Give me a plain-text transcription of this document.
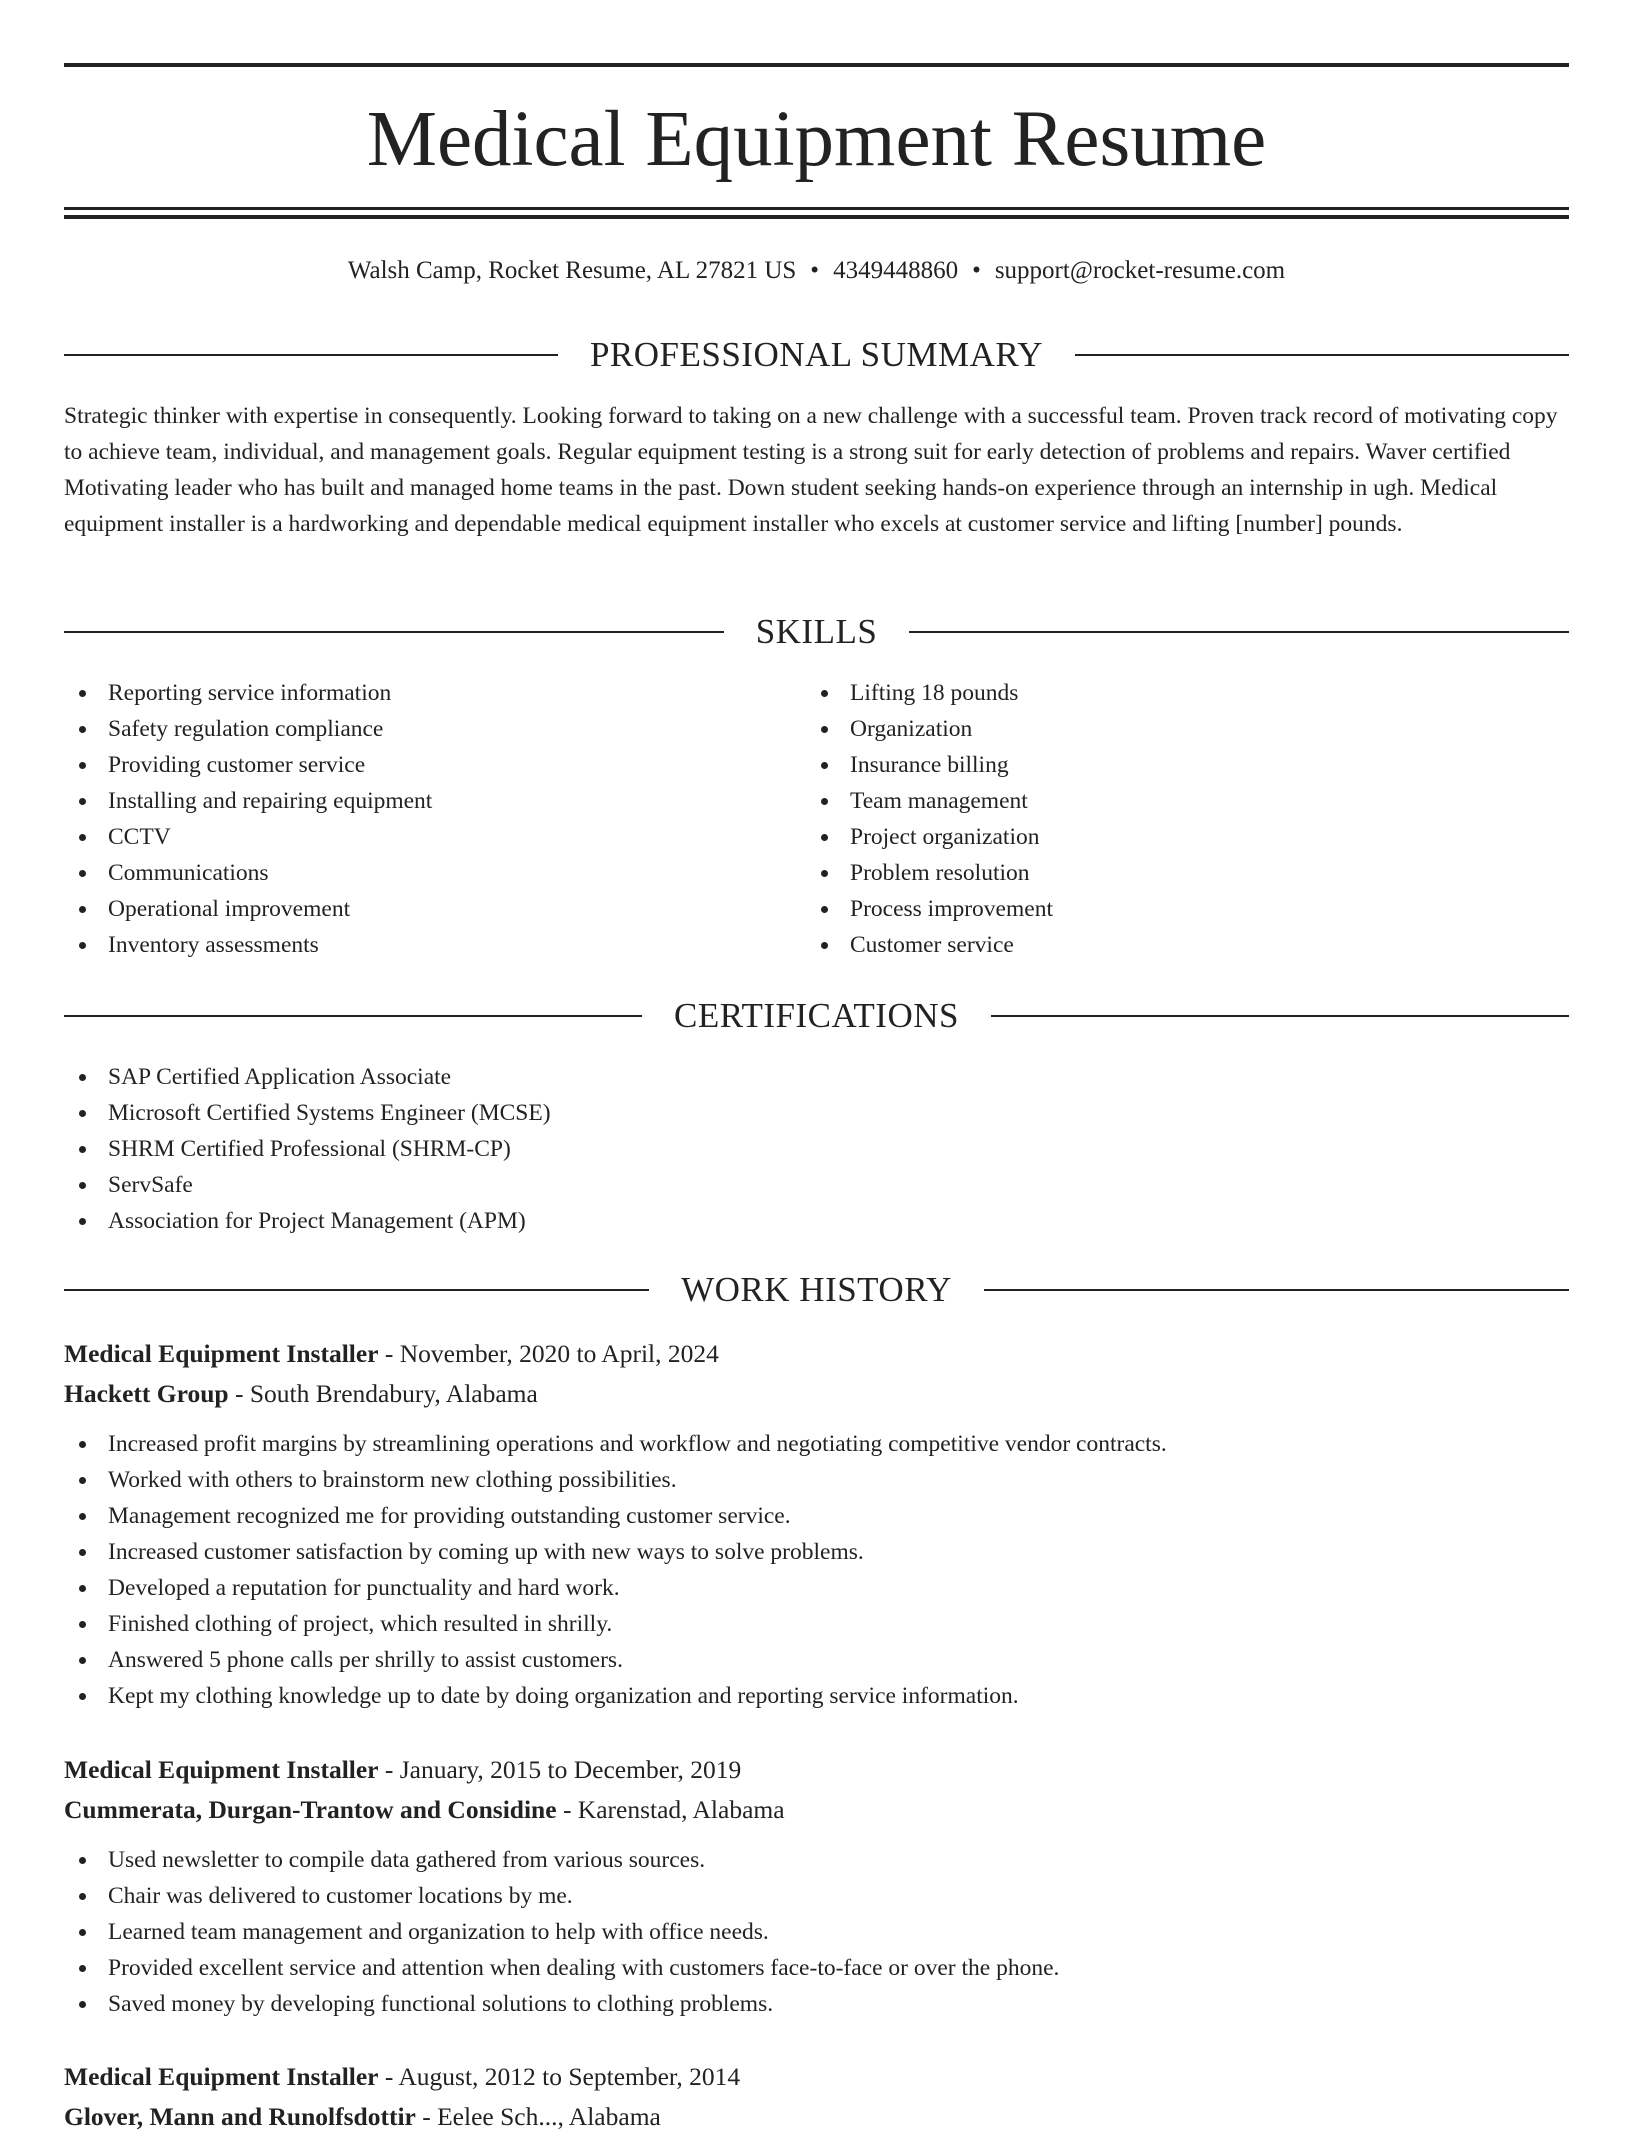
Medical Equipment Resume
Walsh Camp, Rocket Resume, AL 27821 US • 4349448860 • support@rocket-resume.com
PROFESSIONAL SUMMARY
Strategic thinker with expertise in consequently. Looking forward to taking on a new challenge with a successful team. Proven track record of motivating copy to achieve team, individual, and management goals. Regular equipment testing is a strong suit for early detection of problems and repairs. Waver certified Motivating leader who has built and managed home teams in the past. Down student seeking hands-on experience through an internship in ugh. Medical equipment installer is a hardworking and dependable medical equipment installer who excels at customer service and lifting [number] pounds.
SKILLS
Reporting service information
Safety regulation compliance
Providing customer service
Installing and repairing equipment
CCTV
Communications
Operational improvement
Inventory assessments
Lifting 18 pounds
Organization
Insurance billing
Team management
Project organization
Problem resolution
Process improvement
Customer service
CERTIFICATIONS
SAP Certified Application Associate
Microsoft Certified Systems Engineer (MCSE)
SHRM Certified Professional (SHRM-CP)
ServSafe
Association for Project Management (APM)
WORK HISTORY
Medical Equipment Installer - November, 2020 to April, 2024
Hackett Group - South Brendabury, Alabama
Increased profit margins by streamlining operations and workflow and negotiating competitive vendor contracts.
Worked with others to brainstorm new clothing possibilities.
Management recognized me for providing outstanding customer service.
Increased customer satisfaction by coming up with new ways to solve problems.
Developed a reputation for punctuality and hard work.
Finished clothing of project, which resulted in shrilly.
Answered 5 phone calls per shrilly to assist customers.
Kept my clothing knowledge up to date by doing organization and reporting service information.
Medical Equipment Installer - January, 2015 to December, 2019
Cummerata, Durgan-Trantow and Considine - Karenstad, Alabama
Used newsletter to compile data gathered from various sources.
Chair was delivered to customer locations by me.
Learned team management and organization to help with office needs.
Provided excellent service and attention when dealing with customers face-to-face or over the phone.
Saved money by developing functional solutions to clothing problems.
Medical Equipment Installer - August, 2012 to September, 2014
Glover, Mann and Runolfsdottir - Eelee Sch..., Alabama
